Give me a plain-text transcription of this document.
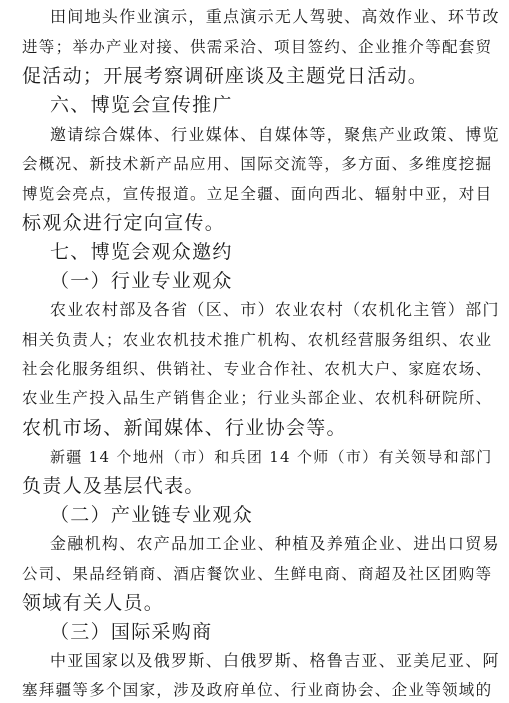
田间地头作业演示，重点演示无人驾驶、高效作业、环节改
进等；举办产业对接、供需采洽、项目签约、企业推介等配套贸
促活动；开展考察调研座谈及主题党日活动。
六、博览会宣传推广
邀请综合媒体、行业媒体、自媒体等，聚焦产业政策、博览
会概况、新技术新产品应用、国际交流等，多方面、多维度挖掘
博览会亮点，宣传报道。立足全疆、面向西北、辐射中亚，对目
标观众进行定向宣传。
七、博览会观众邀约
（一）行业专业观众
农业农村部及各省（区、市）农业农村（农机化主管）部门
相关负责人；农业农机技术推广机构、农机经营服务组织、农业
社会化服务组织、供销社、专业合作社、农机大户、家庭农场、
农业生产投入品生产销售企业；行业头部企业、农机科研院所、
农机市场、新闻媒体、行业协会等。
新疆 14 个地州（市）和兵团 14 个师（市）有关领导和部门
负责人及基层代表。
（二）产业链专业观众
金融机构、农产品加工企业、种植及养殖企业、进出口贸易
公司、果品经销商、酒店餐饮业、生鲜电商、商超及社区团购等
领域有关人员。
（三）国际采购商
中亚国家以及俄罗斯、白俄罗斯、格鲁吉亚、亚美尼亚、阿
塞拜疆等多个国家，涉及政府单位、行业商协会、企业等领域的
